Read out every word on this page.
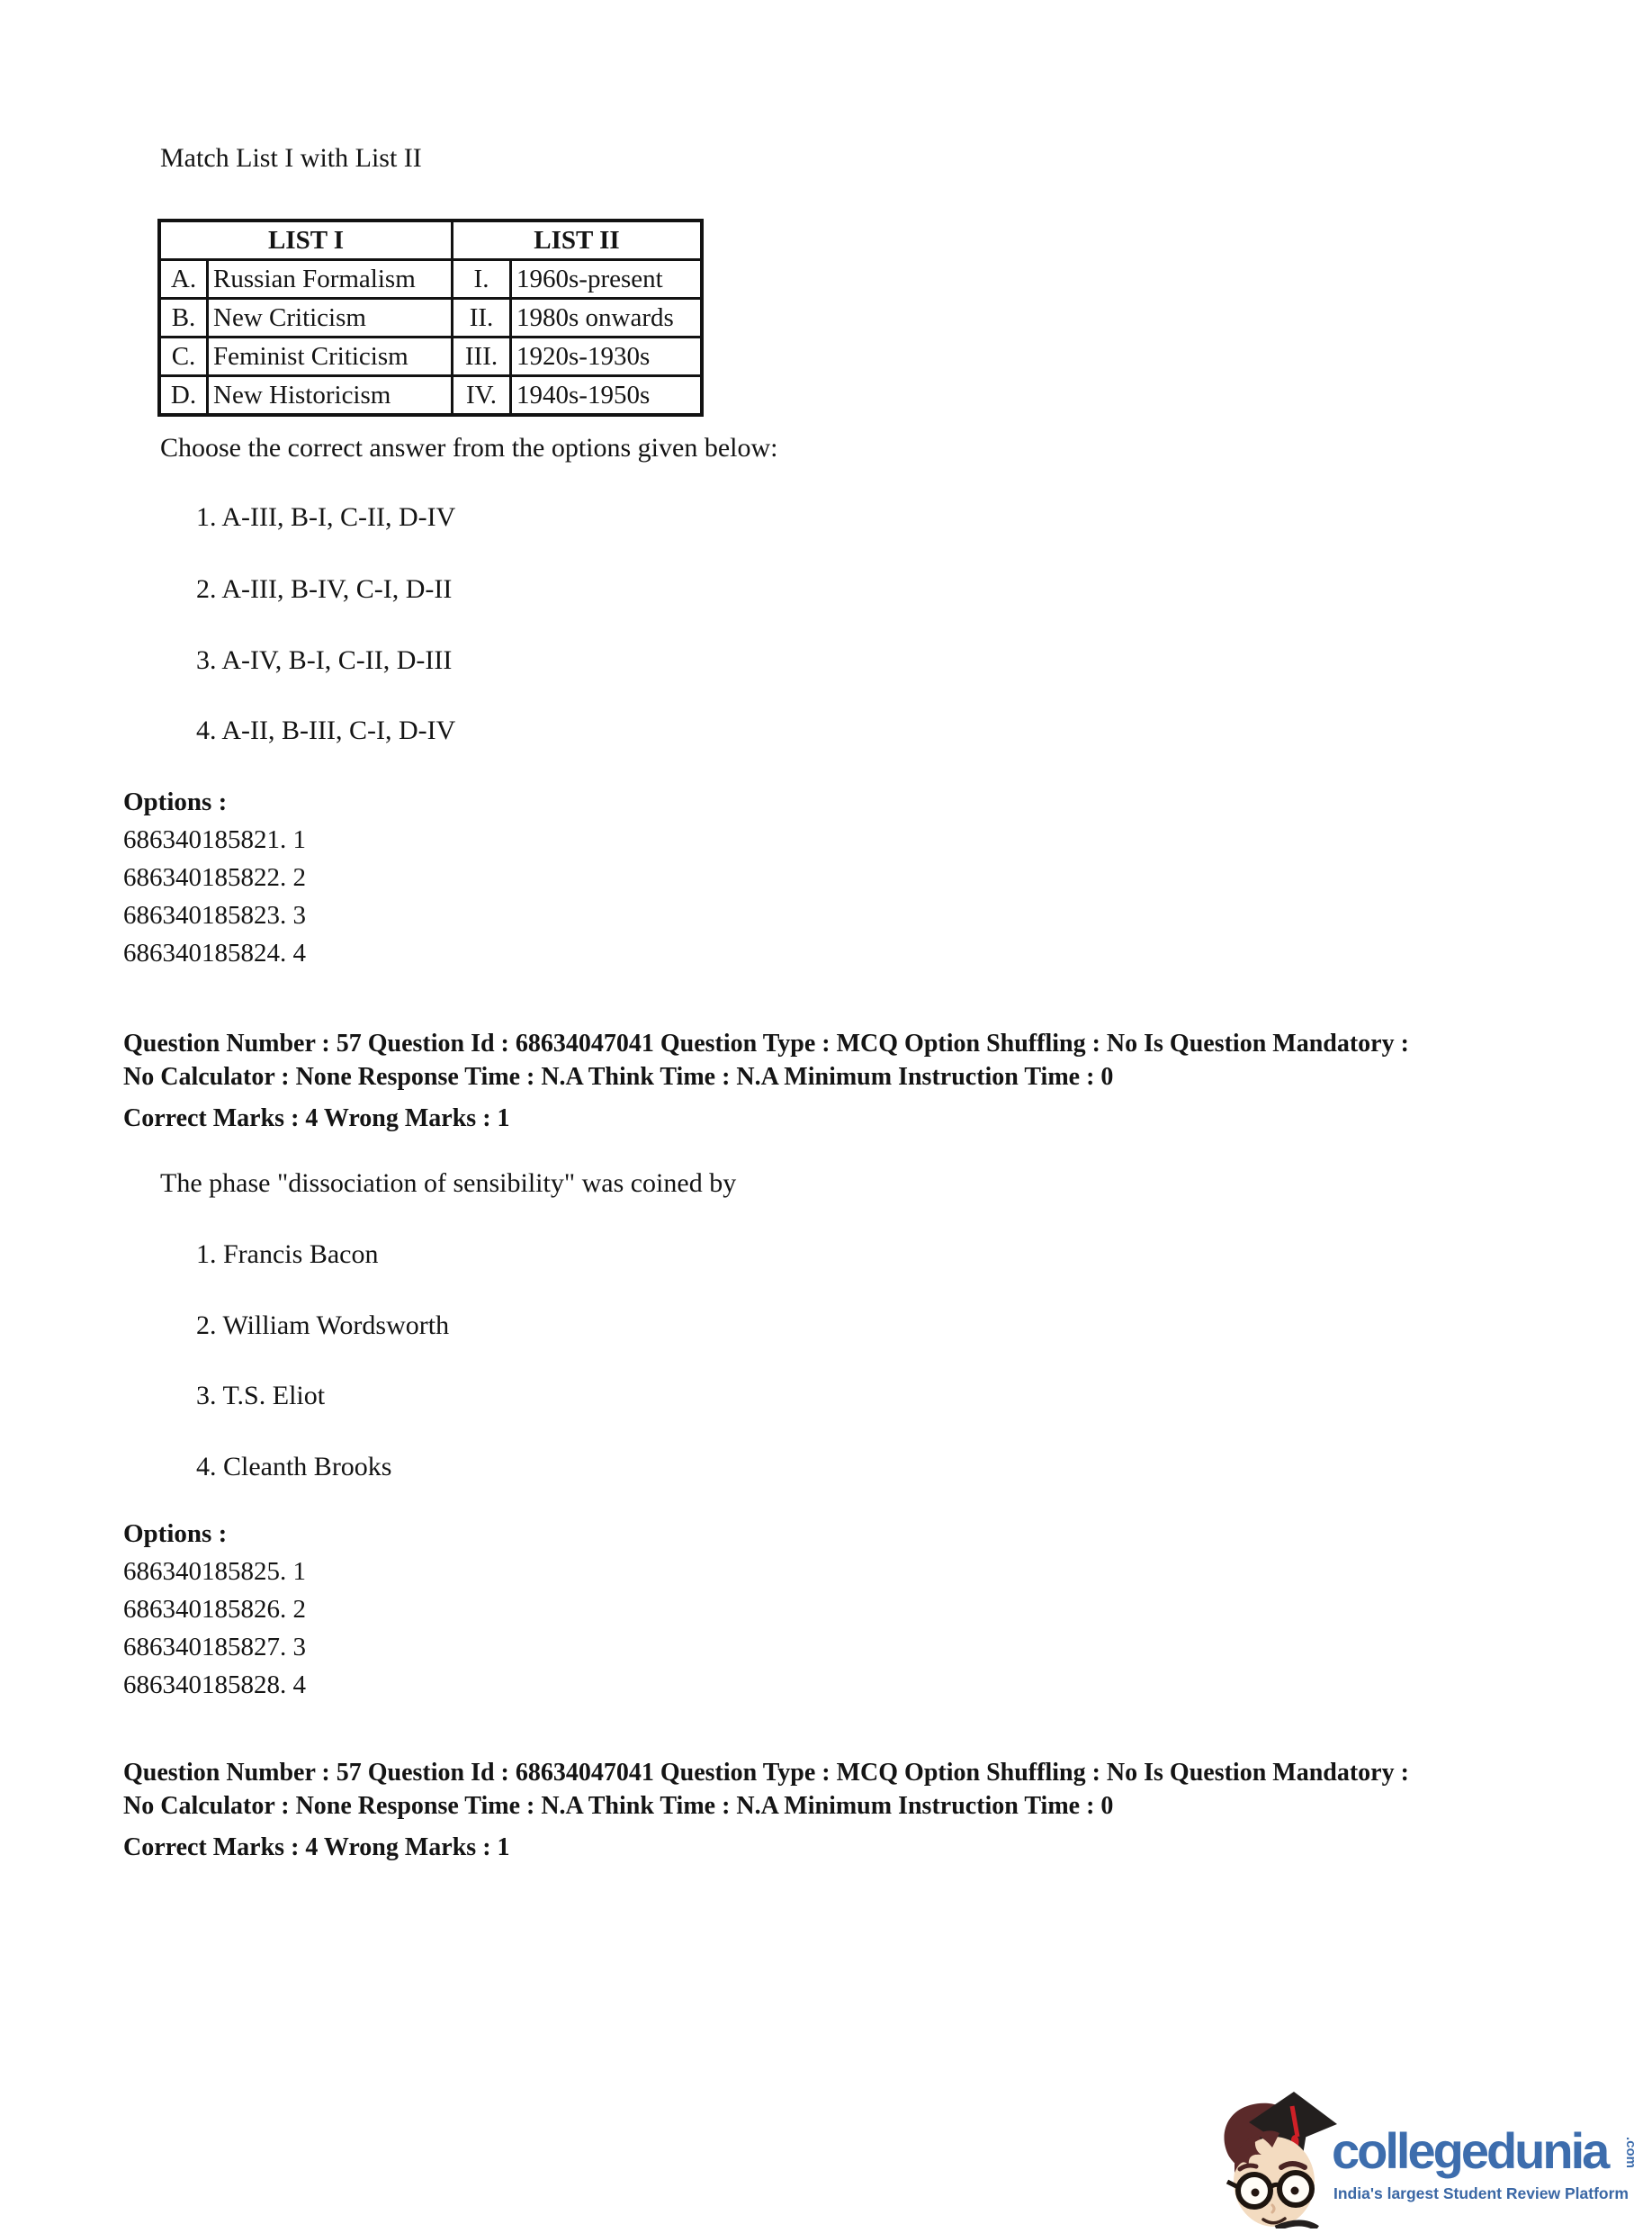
Match List I with List II
LIST I		LIST II	
A.	Russian Formalism	I.	1960s-present
B.	New Criticism	II.	1980s onwards
C.	Feminist Criticism	III.	1920s-1930s
D.	New Historicism	IV.	1940s-1950s
Choose the correct answer from the options given below:
1. A-III, B-I, C-II, D-IV
2. A-III, B-IV, C-I, D-II
3. A-IV, B-I, C-II, D-III
4. A-II, B-III, C-I, D-IV
Options :
686340185821. 1
686340185822. 2
686340185823. 3
686340185824. 4
Question Number : 57 Question Id : 68634047041 Question Type : MCQ Option Shuffling : No Is Question Mandatory :
No Calculator : None Response Time : N.A Think Time : N.A Minimum Instruction Time : 0
Correct Marks : 4 Wrong Marks : 1
The phase "dissociation of sensibility" was coined by
1. Francis Bacon
2. William Wordsworth
3. T.S. Eliot
4. Cleanth Brooks
Options :
686340185825. 1
686340185826. 2
686340185827. 3
686340185828. 4
Question Number : 57 Question Id : 68634047041 Question Type : MCQ Option Shuffling : No Is Question Mandatory :
No Calculator : None Response Time : N.A Think Time : N.A Minimum Instruction Time : 0
Correct Marks : 4 Wrong Marks : 1
collegedunia .com
India's largest Student Review Platform
